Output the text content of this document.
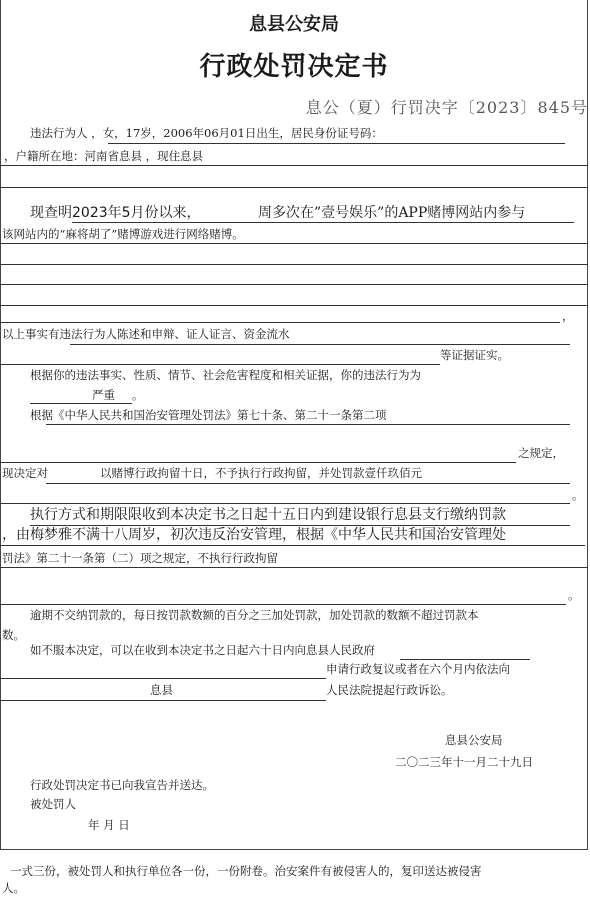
息县公安局
行政处罚决定书
息公（夏）行罚决字〔2023〕845号
违法行为人 ，女，17岁，2006年06月01日出生，居民身份证号码：
，户籍所在地：河南省息县 ，现住息县
现查明 2023年5月份以来，	周多次在”壹号娱乐”的APP赌博网站内参与
该网站内的“麻将胡了”赌博游戏进行网络赌博。
，
以上事实有违法行为人陈述和申辩、证人证言、资金流水
等证据证实。
根据你的违法事实、性质、情节、社会危害程度和相关证据，你的违法行为为
严重 。
根据《中华人民共和国治安管理处罚法》第七十条、第二十一条第二项
之规定，
现决定对	以赌博行政拘留十日，不予执行行政拘留，并处罚款壹仟玖佰元
。
执行方式和期限限收到本决定书之日起十五日内到建设银行息县支行缴纳罚款
，由梅梦雅不满十八周岁，初次违反治安管理，根据《中华人民共和国治安管理处
罚法》第二十一条第（二）项之规定，不执行行政拘留
。
逾期不交纳罚款的，每日按罚款数额的百分之三加处罚款，加处罚款的数额不超过罚款本
数。
如不服本决定，可以在收到本决定书之日起六十日内向息县人民政府
申请行政复议或者在六个月内依法向
息县	人民法院提起行政诉讼。
息县公安局
二〇二三年十一月二十九日
行政处罚决定书已向我宣告并送达。
被处罚人
年 月 日
一式三份，被处罚人和执行单位各一份，一份附卷。治安案件有被侵害人的，复印送达被侵害
人。
